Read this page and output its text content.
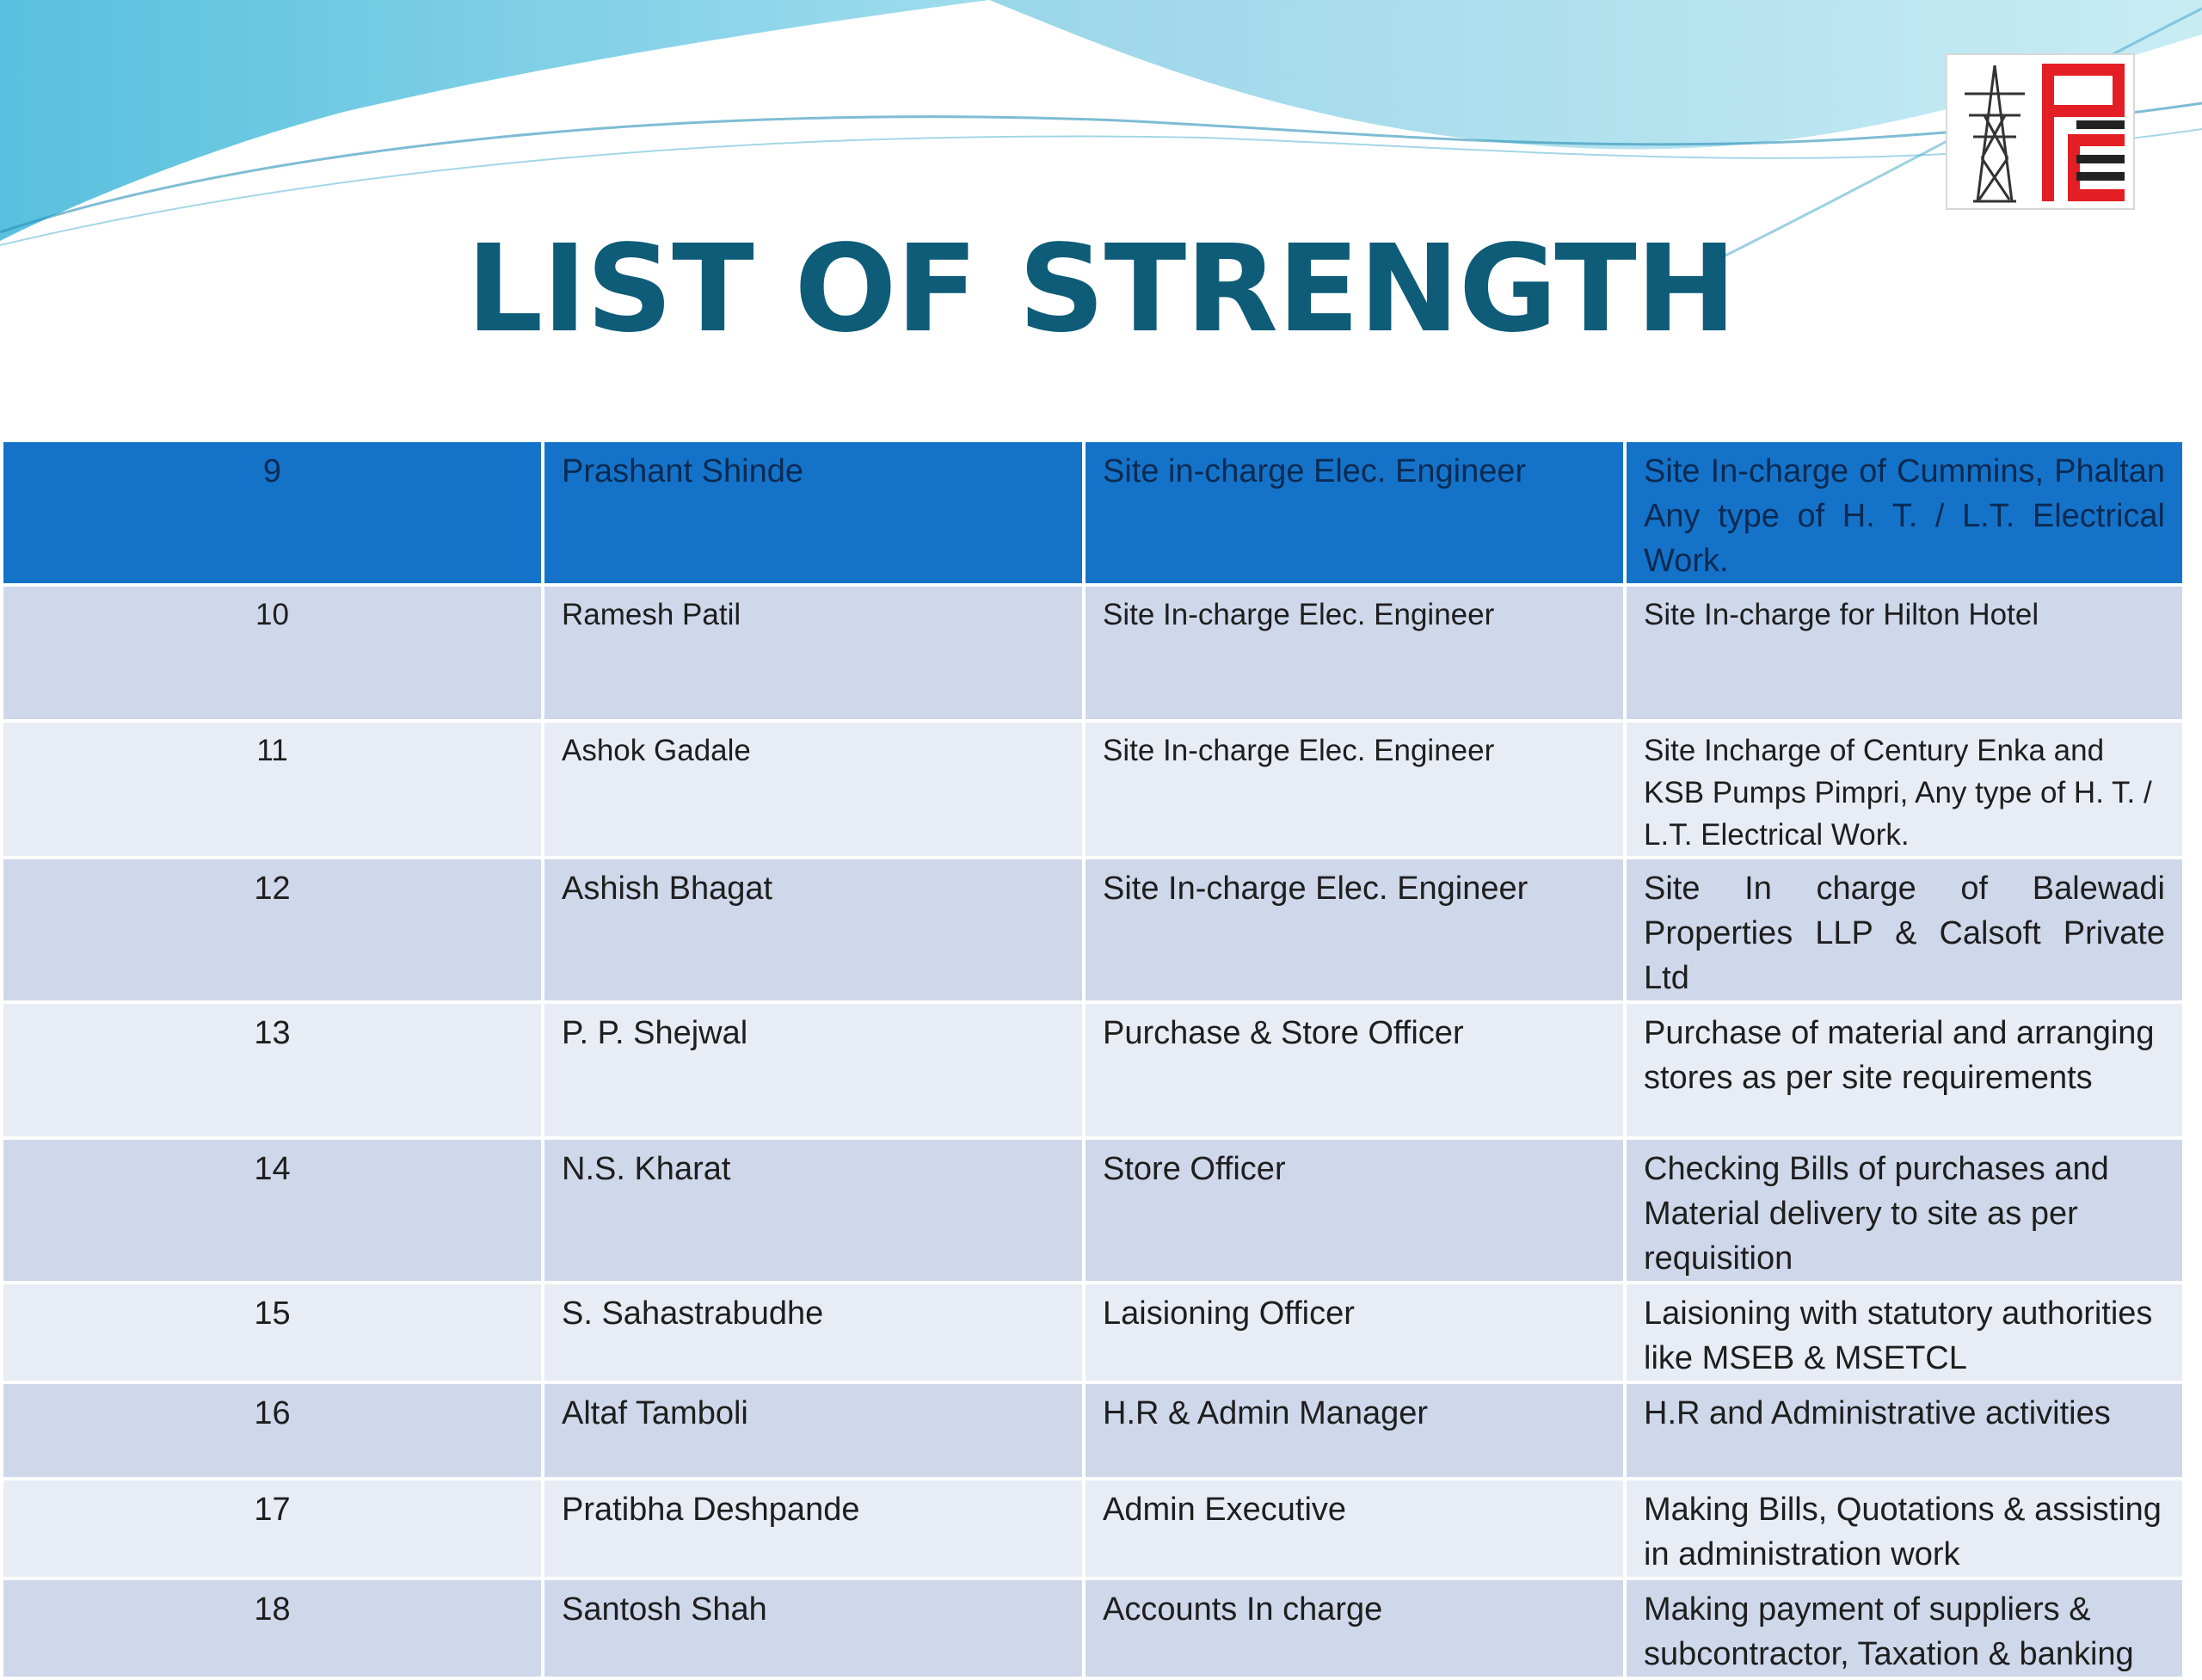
LIST OF STRENGTH
9	Prashant Shinde	Site in-charge Elec. Engineer	Site In-charge of Cummins, Phaltan Any type of H. T. / L.T. Electrical Work.
10	Ramesh Patil	Site In-charge Elec. Engineer	Site In-charge for Hilton Hotel
11	Ashok Gadale	Site In-charge Elec. Engineer	Site Incharge of Century Enka and KSB Pumps Pimpri, Any type of H. T. / L.T. Electrical Work.
12	Ashish Bhagat	Site In-charge Elec. Engineer	Site In charge of Balewadi Properties LLP & Calsoft Private Ltd
13	P. P. Shejwal	Purchase & Store Officer	Purchase of material and arranging stores as per site requirements
14	N.S. Kharat	Store Officer	Checking Bills of purchases and Material delivery to site as per requisition
15	S. Sahastrabudhe	Laisioning Officer	Laisioning with statutory authorities like MSEB & MSETCL
16	Altaf Tamboli	H.R & Admin Manager	H.R and Administrative activities
17	Pratibha Deshpande	Admin Executive	Making Bills, Quotations & assisting in administration work
18	Santosh Shah	Accounts In charge	Making payment of suppliers & subcontractor, Taxation & banking
